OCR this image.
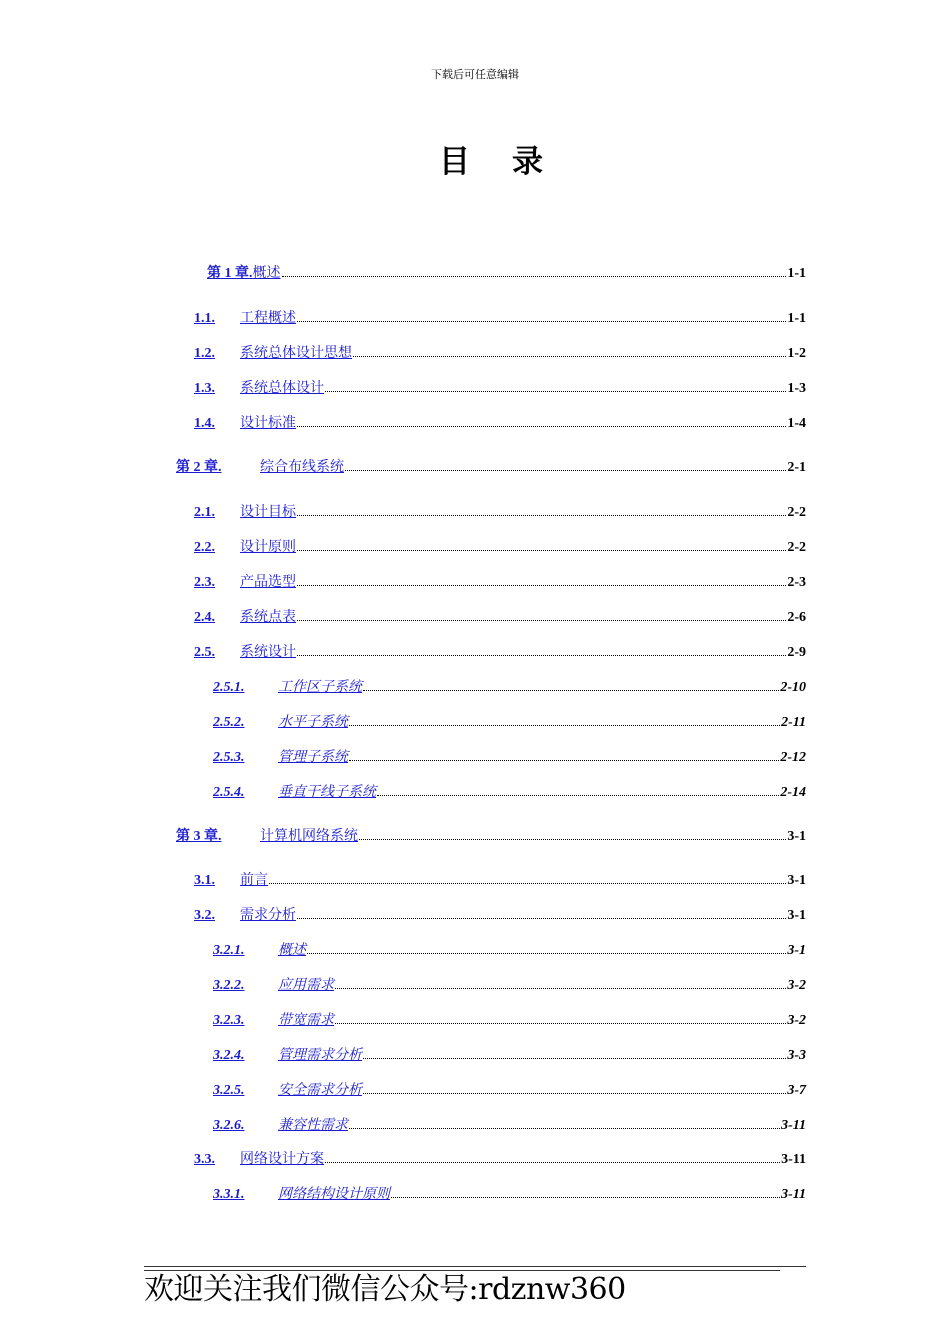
下载后可任意编辑
目录
第 1 章. 概述	1-1
1.1.	工程概述	1-1
1.2.	系统总体设计思想	1-2
1.3.	系统总体设计	1-3
1.4.	设计标准	1-4
第 2 章.	综合布线系统	2-1
2.1.	设计目标	2-2
2.2.	设计原则	2-2
2.3.	产品选型	2-3
2.4.	系统点表	2-6
2.5.	系统设计	2-9
2.5.1.	工作区子系统	2-10
2.5.2.	水平子系统	2-11
2.5.3.	管理子系统	2-12
2.5.4.	垂直干线子系统	2-14
第 3 章.	计算机网络系统	3-1
3.1.	前言	3-1
3.2.	需求分析	3-1
3.2.1.	概述	3-1
3.2.2.	应用需求	3-2
3.2.3.	带宽需求	3-2
3.2.4.	管理需求分析	3-3
3.2.5.	安全需求分析	3-7
3.2.6.	兼容性需求	3-11
3.3.	网络设计方案	3-11
3.3.1.	网络结构设计原则	3-11
欢迎关注我们微信公众号:rdznw360
